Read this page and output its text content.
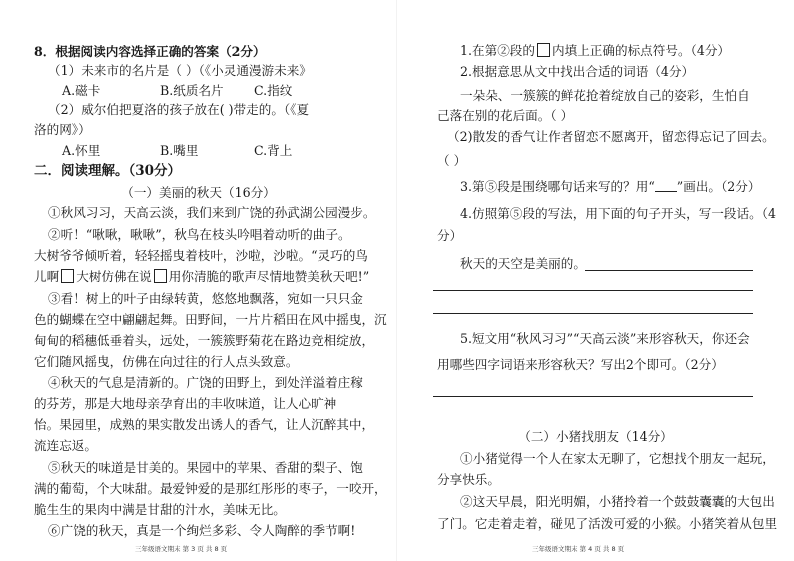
8．根据阅读内容选择正确的答案（2分）
（1）未来市的名片是（ ）（《小灵通漫游未来》
A.磁卡	B.纸质名片 C.指纹
（2）威尔伯把夏洛的孩子放在( )带走的。（《夏
洛的网》）
A.怀里	B.嘴里	C.背上
二．阅读理解。（30分）
（一）美丽的秋天（16分）
①秋风习习，天高云淡，我们来到广饶的孙武湖公园漫步。
②听！“啾啾，啾啾”，秋鸟在枝头吟唱着动听的曲子。
大树爷爷倾听着，轻轻摇曳着枝叶，沙啦，沙啦。“灵巧的鸟
儿啊 大树仿佛在说 用你清脆的歌声尽情地赞美秋天吧!”
③看！树上的叶子由绿转黄，悠悠地飘落，宛如一只只金
色的蝴蝶在空中翩翩起舞。田野间，一片片稻田在风中摇曳，沉
甸甸的稻穗低垂着头，远处，一簇簇野菊花在路边竞相绽放，
它们随风摇曳，仿佛在向过往的行人点头致意。
④秋天的气息是清新的。广饶的田野上，到处洋溢着庄稼
的芬芳，那是大地母亲孕育出的丰收味道，让人心旷神
怡。果园里，成熟的果实散发出诱人的香气，让人沉醉其中，
流连忘返。
⑤秋天的味道是甘美的。果园中的苹果、香甜的梨子、饱
满的葡萄，个大味甜。最爱钟爱的是那红彤彤的枣子，一咬开，
脆生生的果肉中满是甘甜的汁水，美味无比。
⑥广饶的秋天，真是一个绚烂多彩、令人陶醉的季节啊!
三年级语文期末 第 3 页 共 8 页
1.在第②段的 内填上正确的标点符号。（4分）
2.根据意思从文中找出合适的词语（4分）
一朵朵、一簇簇的鲜花抢着绽放自己的姿彩，生怕自
己落在别的花后面。（ ）
（2)散发的香气让作者留恋不愿离开，留恋得忘记了回去。
（ ）
3.第⑤段是围绕哪句话来写的？用“ ”画出。（2分）
4.仿照第⑤段的写法，用下面的句子开头，写一段话。（4
分）
秋天的天空是美丽的。
5.短文用“秋风习习”“天高云淡”来形容秋天，你还会
用哪些四字词语来形容秋天？写出2个即可。（2分）
（二）小猪找朋友（14分）
①小猪觉得一个人在家太无聊了，它想找个朋友一起玩，
分享快乐。
②这天早晨，阳光明媚，小猪拎着一个鼓鼓囊囊的大包出
了门。它走着走着，碰见了活泼可爱的小猴。小猪笑着从包里
三年级语文期末 第 4 页 共 8 页
